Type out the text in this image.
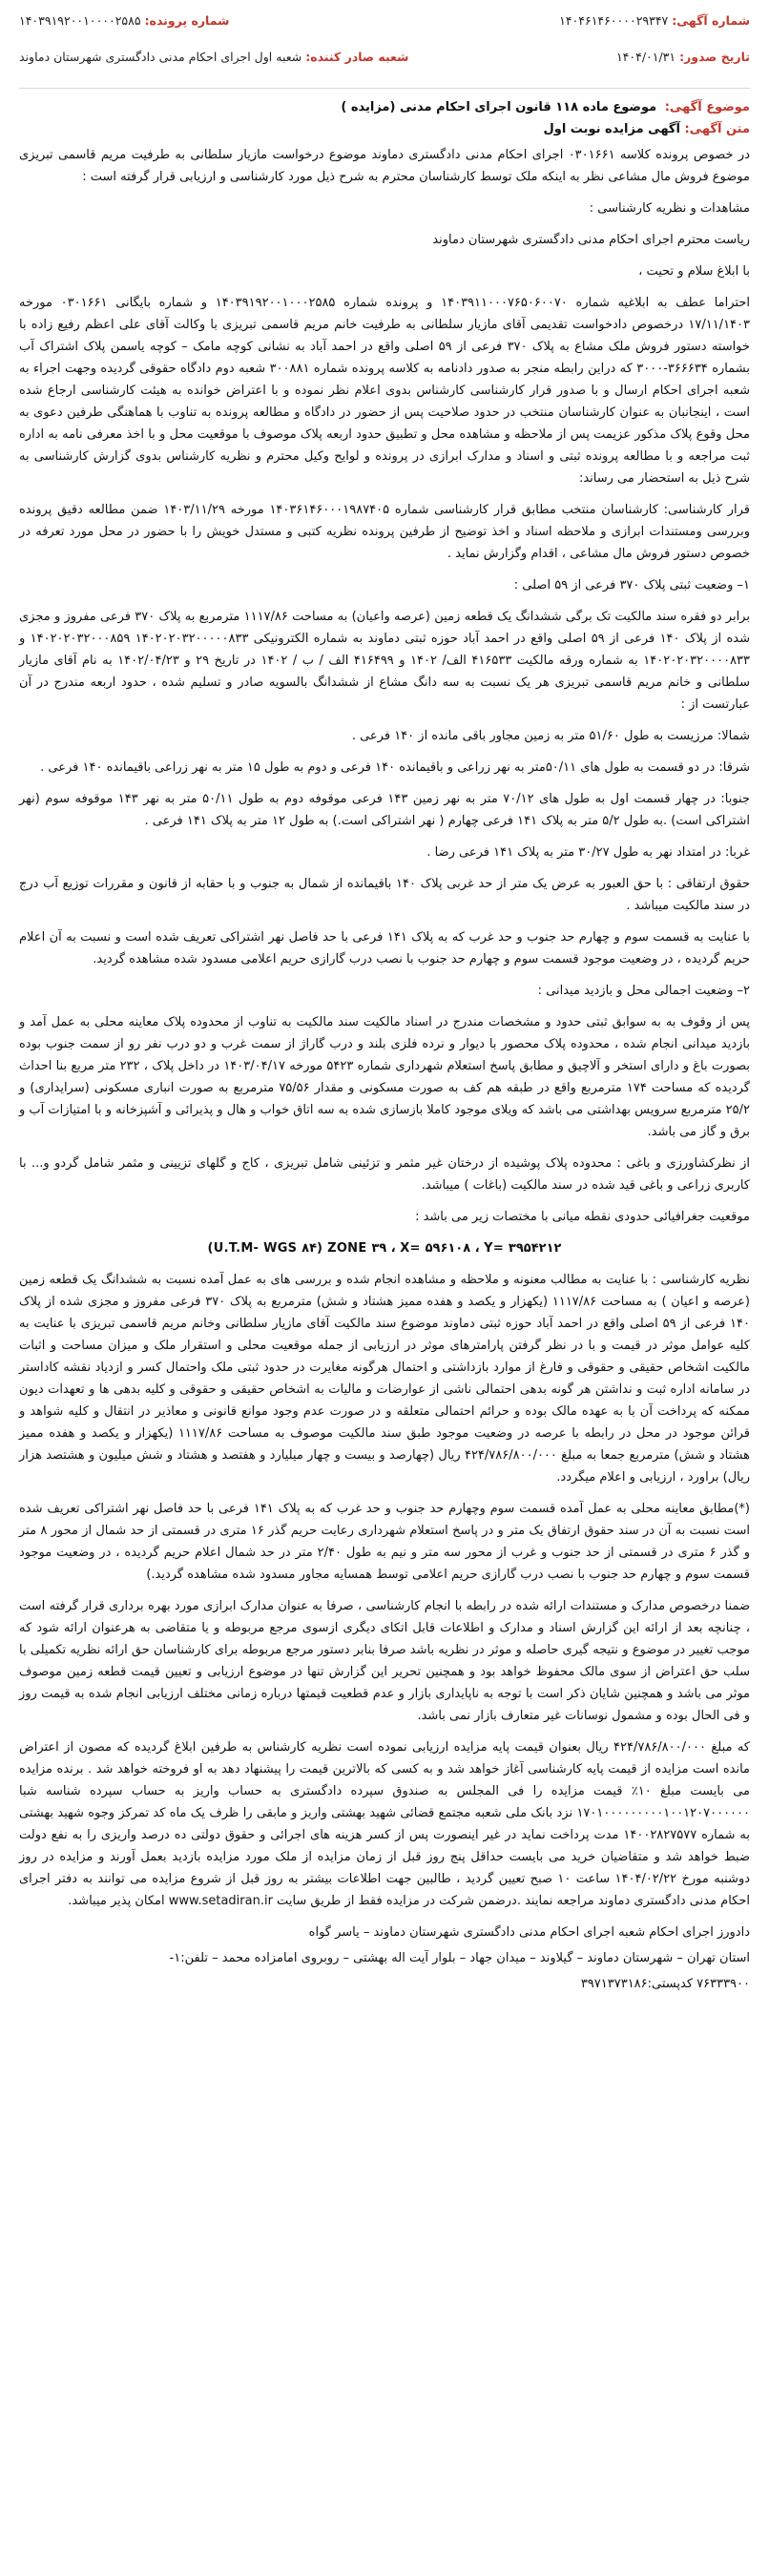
شماره آگهی: ۱۴۰۴۶۱۴۶۰۰۰۰۲۹۳۴۷
شماره پرونده: ۱۴۰۳۹۱۹۲۰۰۱۰۰۰۰۲۵۸۵
تاریخ صدور: ۱۴۰۴/۰۱/۳۱
شعبه صادر کننده: شعبه اول اجرای احکام مدنی دادگستری شهرستان دماوند
موضوع آگهی: موضوع ماده ۱۱۸ قانون اجرای احکام مدنی (مزایده )
متن آگهی: آگهی مزایده نوبت اول

در خصوص پرونده کلاسه ۰۳۰۱۶۶۱ اجرای احکام مدنی دادگستری دماوند موضوع درخواست مازیار سلطانی به طرفیت مریم قاسمی تبریزی موضوع فروش مال مشاعی نظر به اینکه ملک توسط کارشناسان محترم به شرح ذیل مورد کارشناسی و ارزیابی قرار گرفته است :

مشاهدات و نظریه کارشناسی :

ریاست محترم اجرای احکام مدنی دادگستری شهرستان دماوند

با ابلاغ سلام و تحیت ،

احتراما عطف به ابلاغیه شماره ۱۴۰۳۹۱۱۰۰۰۷۶۵۰۶۰۰۷۰ و پرونده شماره ۱۴۰۳۹۱۹۲۰۰۱۰۰۰۲۵۸۵ و شماره بایگانی ۰۳۰۱۶۶۱ مورخه ۱۷/۱۱/۱۴۰۳ درخصوص دادخواست تقدیمی آقای مازیار سلطانی به طرفیت خانم مریم قاسمی تبریزی با وکالت آقای علی اعظم رفیع زاده با خواسته دستور فروش ملک مشاع به پلاک ۳۷۰ فرعی از ۵۹ اصلی واقع در احمد آباد به نشانی کوچه مامک – کوچه یاسمن پلاک اشتراک آب بشماره ۳۶۶۶۳۴-۳۰۰۰ که دراین رابطه منجر به صدور دادنامه به کلاسه پرونده شماره ۳۰۰۸۸۱ شعبه دوم دادگاه حقوقی گردیده وجهت اجراء به شعبه اجرای احکام ارسال و با صدور قرار کارشناسی کارشناس بدوی اعلام نظر نموده و با اعتراض خوانده به هیئت کارشناسی ارجاع شده است ، اینجانبان به عنوان کارشناسان منتخب در حدود صلاحیت پس از حضور در دادگاه و مطالعه پرونده به تناوب با هماهنگی طرفین دعوی به محل وقوع پلاک مذکور عزیمت پس از ملاحظه و مشاهده محل و تطبیق حدود اربعه پلاک موصوف با موقعیت محل و با اخذ معرفی نامه به اداره ثبت مراجعه و با مطالعه پرونده ثبتی و اسناد و مدارک ابرازی در پرونده و لوایح وکیل محترم و نظریه کارشناس بدوی گزارش کارشناسی به شرح ذیل به استحضار می رساند:

قرار کارشناسی: کارشناسان منتخب مطابق قرار کارشناسی شماره ۱۴۰۳۶۱۴۶۰۰۰۱۹۸۷۴۰۵ مورخه ۱۴۰۳/۱۱/۲۹ ضمن مطالعه دقیق پرونده وبررسی ومستندات ابرازی و ملاحظه اسناد و اخذ توضیح از طرفین پرونده نظریه کتبی و مستدل خویش را با حضور در محل مورد تعرفه در خصوص دستور فروش مال مشاعی ، اقدام وگزارش نماید .

۱– وضعیت ثبتی پلاک ۳۷۰ فرعی از ۵۹ اصلی :

برابر دو فقره سند مالکیت تک برگی ششدانگ یک قطعه زمین (عرصه واعیان) به مساحت ۱۱۱۷/۸۶ مترمربع به پلاک ۳۷۰ فرعی مفروز و مجزی شده از پلاک ۱۴۰ فرعی از ۵۹ اصلی واقع در احمد آباد حوزه ثبتی دماوند به شماره الکترونیکی ۱۴۰۲۰۲۰۳۲۰۰۰۰۰۸۳۳ ۱۴۰۲۰۲۰۳۲۰۰۰۸۵۹ و ۱۴۰۲۰۲۰۳۲۰۰۰۰۸۳۳ به شماره ورقه مالکیت ۴۱۶۵۳۳ الف/ ۱۴۰۲ و ۴۱۶۴۹۹ الف / ب / ۱۴۰۲ در تاریخ ۲۹ و ۱۴۰۲/۰۴/۲۳ به نام آقای مازیار سلطانی و خانم مریم قاسمی تبریزی هر یک نسبت به سه دانگ مشاع از ششدانگ بالسویه صادر و تسلیم شده ، حدود اربعه مندرج در آن عبارتست از :

شمالا: مرزیست به طول ۵۱/۶۰ متر به زمین مجاور باقی مانده از ۱۴۰ فرعی .

شرقا: در دو قسمت به طول های ۵۰/۱۱متر به نهر زراعی و باقیمانده ۱۴۰ فرعی و دوم به طول ۱۵ متر به نهر زراعی باقیمانده ۱۴۰ فرعی .

جنوبا: در چهار قسمت اول به طول های ۷۰/۱۲ متر به نهر زمین ۱۴۳ فرعی موقوفه دوم به طول ۵۰/۱۱ متر به نهر ۱۴۳ موقوفه سوم (نهر اشتراکی است) .به طول ۵/۲ متر به پلاک ۱۴۱ فرعی چهارم ( نهر اشتراکی است.) به طول ۱۲ متر به پلاک ۱۴۱ فرعی .

غربا: در امتداد نهر به طول ۳۰/۲۷ متر به پلاک ۱۴۱ فرعی رضا .

حقوق ارتفاقی : با حق العبور به عرض یک متر از حد غربی پلاک ۱۴۰ باقیمانده از شمال به جنوب و با حقابه از قانون و مقررات توزیع آب درج در سند مالکیت میباشد .

با عنایت به قسمت سوم و چهارم حد جنوب و حد غرب که به پلاک ۱۴۱ فرعی با حد فاصل نهر اشتراکی تعریف شده است و نسبت به آن اعلام حریم گردیده ، در وضعیت موجود قسمت سوم و چهارم حد جنوب با نصب درب گارازی حریم اعلامی مسدود شده مشاهده گردید.

۲– وضعیت اجمالی محل و بازدید میدانی :

پس از وقوف به به سوابق ثبتی حدود و مشخصات مندرج در اسناد مالکیت سند مالکیت به تناوب از محدوده پلاک معاینه محلی به عمل آمد و بازدید میدانی انجام شده ، محدوده پلاک محصور با دیوار و نرده فلزی بلند و درب گاراژ از سمت غرب و دو درب نفر رو از سمت جنوب بوده بصورت باغ و دارای استخر و آلاچیق و مطابق پاسخ استعلام شهرداری شماره ۵۴۲۳ مورخه ۱۴۰۳/۰۴/۱۷ در داخل پلاک ، ۲۳۲ متر مربع بنا احداث گردیده که مساحت ۱۷۴ مترمربع واقع در طبقه هم کف به صورت مسکونی و مقدار ۷۵/۵۶ مترمربع به صورت انباری مسکونی (سرایداری) و ۲۵/۲ مترمربع سرویس بهداشتی می باشد که ویلای موجود کاملا بازسازی شده به سه اتاق خواب و هال و پذیرائی و آشپزخانه و با امتیازات آب و برق و گاز می باشد.

از نظرکشاورزی و باغی : محدوده پلاک پوشیده از درختان غیر مثمر و تزئینی شامل تبریزی ، کاج و گلهای تزیینی و مثمر شامل گردو و... با کاربری زراعی و باغی قید شده در سند مالکیت (باغات ) میباشد.

موقعیت جغرافیائی حدودی نقطه میانی با مختصات زیر می باشد :

(U.T.M- WGS ۸۴) ZONE ۳۹ ، X= ۵۹۶۱۰۸ ، Y= ۳۹۵۴۲۱۲

نظریه کارشناسی : با عنایت به مطالب معنونه و ملاحظه و مشاهده انجام شده و بررسی های به عمل آمده نسبت به ششدانگ یک قطعه زمین (عرصه و اعیان ) به مساحت ۱۱۱۷/۸۶ (یکهزار و یکصد و هفده ممیز هشتاد و شش) مترمربع به پلاک ۳۷۰ فرعی مفروز و مجزی شده از پلاک ۱۴۰ فرعی از ۵۹ اصلی واقع در احمد آباد حوزه ثبتی دماوند موضوع سند مالکیت آقای مازیار سلطانی وخانم مریم قاسمی تبریزی با عنایت به کلیه عوامل موثر در قیمت و با در نظر گرفتن پارامترهای موثر در ارزیابی از جمله موقعیت محلی و استقرار ملک و میزان مساحت و اثبات مالکیت اشخاص حقیقی و حقوقی و فارغ از موارد بازداشتی و احتمال هرگونه مغایرت در حدود ثبتی ملک واحتمال کسر و ازدیاد نقشه کاداستر در سامانه اداره ثبت و نداشتن هر گونه بدهی احتمالی ناشی از عوارضات و مالیات به اشخاص حقیقی و حقوقی و کلیه بدهی ها و تعهدات دیون ممکنه که پرداخت آن با به عهده مالک بوده و حرائم احتمالی متعلقه و در صورت عدم وجود موانع قانونی و معاذیر در انتقال و کلیه شواهد و قرائن موجود در محل در رابطه با عرصه در وضعیت موجود طبق سند مالکیت موصوف به مساحت ۱۱۱۷/۸۶ (یکهزار و یکصد و هفده ممیز هشتاد و شش) مترمربع جمعا به مبلغ ۴۲۴/۷۸۶/۸۰۰/۰۰۰ ریال (چهارصد و بیست و چهار میلیارد و هفتصد و هشتاد و شش میلیون و هشتصد هزار ریال) براورد ، ارزیابی و اعلام میگردد.

(*)مطابق معاینه محلی به عمل آمده قسمت سوم وچهارم حد جنوب و حد غرب که به پلاک ۱۴۱ فرعی با حد فاصل نهر اشتراکی تعریف شده است نسبت به آن در سند حقوق ارتفاق یک متر و در پاسخ استعلام شهرداری رعایت حریم گذر ۱۶ متری در قسمتی از حد شمال از محور ۸ متر و گذر ۶ متری در قسمتی از حد جنوب و غرب از محور سه متر و نیم به طول ۲/۴۰ متر در حد شمال اعلام حریم گردیده ، در وضعیت موجود قسمت سوم و چهارم حد جنوب با نصب درب گارازی حریم اعلامی توسط همسایه مجاور مسدود شده مشاهده گردید.)

ضمنا درخصوص مدارک و مستندات ارائه شده در رابطه با انجام کارشناسی ، صرفا به عنوان مدارک ابرازی مورد بهره برداری قرار گرفته است ، چنانچه بعد از ارائه این گزارش اسناد و مدارک و اطلاعات قابل اتکای دیگری ازسوی مرجع مربوطه و یا متقاضی به هرعنوان ارائه شود که موجب تغییر در موضوع و نتیجه گیری حاصله و موثر در نظریه باشد صرفا بنابر دستور مرجع مربوطه برای کارشناسان حق ارائه نظریه تکمیلی با سلب حق اعتراض از سوی مالک محفوظ خواهد بود و همچنین تحریر این گزارش تنها در موضوع ارزیابی و تعیین قیمت قطعه زمین موصوف موثر می باشد و همچنین شایان ذکر است با توجه به ناپایداری بازار و عدم قطعیت قیمتها درباره زمانی مختلف ارزیابی انجام شده به قیمت روز و فی الحال بوده و مشمول نوسانات غیر متعارف بازار نمی باشد.

که مبلغ ۴۲۴/۷۸۶/۸۰۰/۰۰۰ ریال بعنوان قیمت پایه مزایده ارزیابی نموده است نظریه کارشناس به طرفین ابلاغ گردیده که مصون از اعتراض مانده است مزایده از قیمت پایه کارشناسی آغاز خواهد شد و به کسی که بالاترین قیمت را پیشنهاد دهد به او فروخته خواهد شد . برنده مزایده می بایست مبلغ ۱۰٪ قیمت مزایده را فی المجلس به صندوق سپرده دادگستری به حساب واریز به حساب سپرده شناسه شبا ۱۷۰۱۰۰۰۰۰۰۰۰۰۱۰۰۱۲۰۷۰۰۰۰۰۰ نزد بانک ملی شعبه مجتمع قضائی شهید بهشتی واریز و مابقی را ظرف یک ماه کد تمرکز وجوه شهید بهشتی به شماره ۱۴۰۰۲۸۲۷۵۷۷ مدت پرداخت نماید در غیر اینصورت پس از کسر هزینه های اجرائی و حقوق دولتی ده درصد واریزی را به نفع دولت ضبط خواهد شد و متقاضیان خرید می بایست حداقل پنج روز قبل از زمان مزایده از ملک مورد مزایده بازدید بعمل آورند و مزایده در روز دوشنبه مورخ ۱۴۰۴/۰۲/۲۲ ساعت ۱۰ صبح تعیین گردید ، طالبین جهت اطلاعات بیشتر به روز قبل از شروع مزایده می توانند به دفتر اجرای احکام مدنی دادگستری دماوند مراجعه نمایند .درضمن شرکت در مزایده فقط از طریق سایت www.setadiran.ir امکان پذیر میباشد.

دادورز اجرای احکام شعبه اجرای احکام مدنی دادگستری شهرستان دماوند – یاسر گواه

استان تهران – شهرستان دماوند – گیلاوند – میدان جهاد – بلوار آیت اله بهشتی – روبروی امامزاده محمد – تلفن:۱-

۷۶۳۳۳۹۰۰ کدپستی:۳۹۷۱۳۷۳۱۸۶
